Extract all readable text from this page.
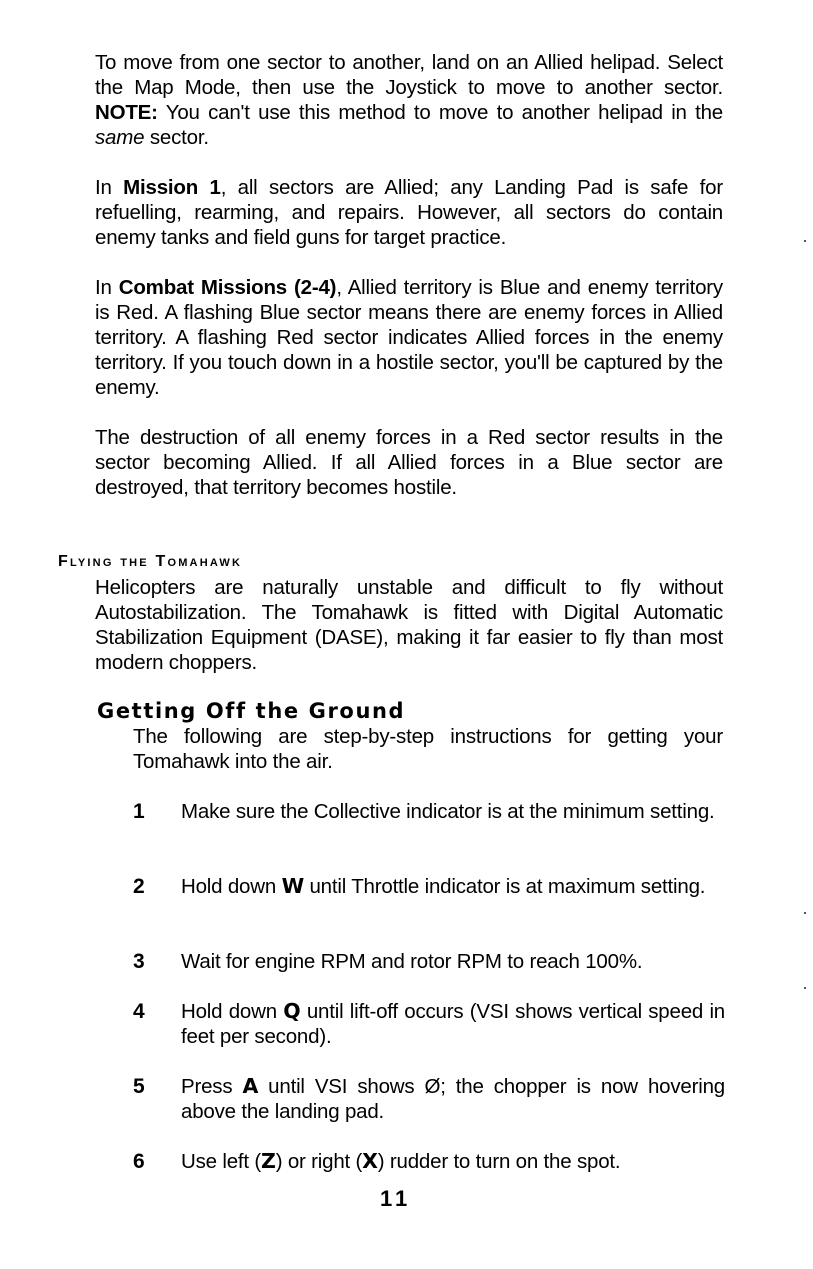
To move from one sector to another, land on an Allied helipad. Select the Map Mode, then use the Joystick to move to another sector. NOTE: You can't use this method to move to another helipad in the same sector.
In Mission 1, all sectors are Allied; any Landing Pad is safe for refuelling, rearming, and repairs. However, all sectors do contain enemy tanks and field guns for target practice.
In Combat Missions (2-4), Allied territory is Blue and enemy territory is Red. A flashing Blue sector means there are enemy forces in Allied territory. A flashing Red sector indicates Allied forces in the enemy territory. If you touch down in a hostile sector, you'll be captured by the enemy.
The destruction of all enemy forces in a Red sector results in the sector becoming Allied. If all Allied forces in a Blue sector are destroyed, that territory becomes hostile.
Flying the Tomahawk
Helicopters are naturally unstable and difficult to fly without Autostabilization. The Tomahawk is fitted with Digital Automatic Stabilization Equipment (DASE), making it far easier to fly than most modern choppers.
Getting Off the Ground
The following are step-by-step instructions for getting your Tomahawk into the air.
1	Make sure the Collective indicator is at the minimum setting.
2	Hold down W until Throttle indicator is at maximum setting.
3	Wait for engine RPM and rotor RPM to reach 100%.
4	Hold down Q until lift-off occurs (VSI shows vertical speed in feet per second).
5	Press A until VSI shows Ø; the chopper is now hovering above the landing pad.
6	Use left (Z) or right (X) rudder to turn on the spot.
11
